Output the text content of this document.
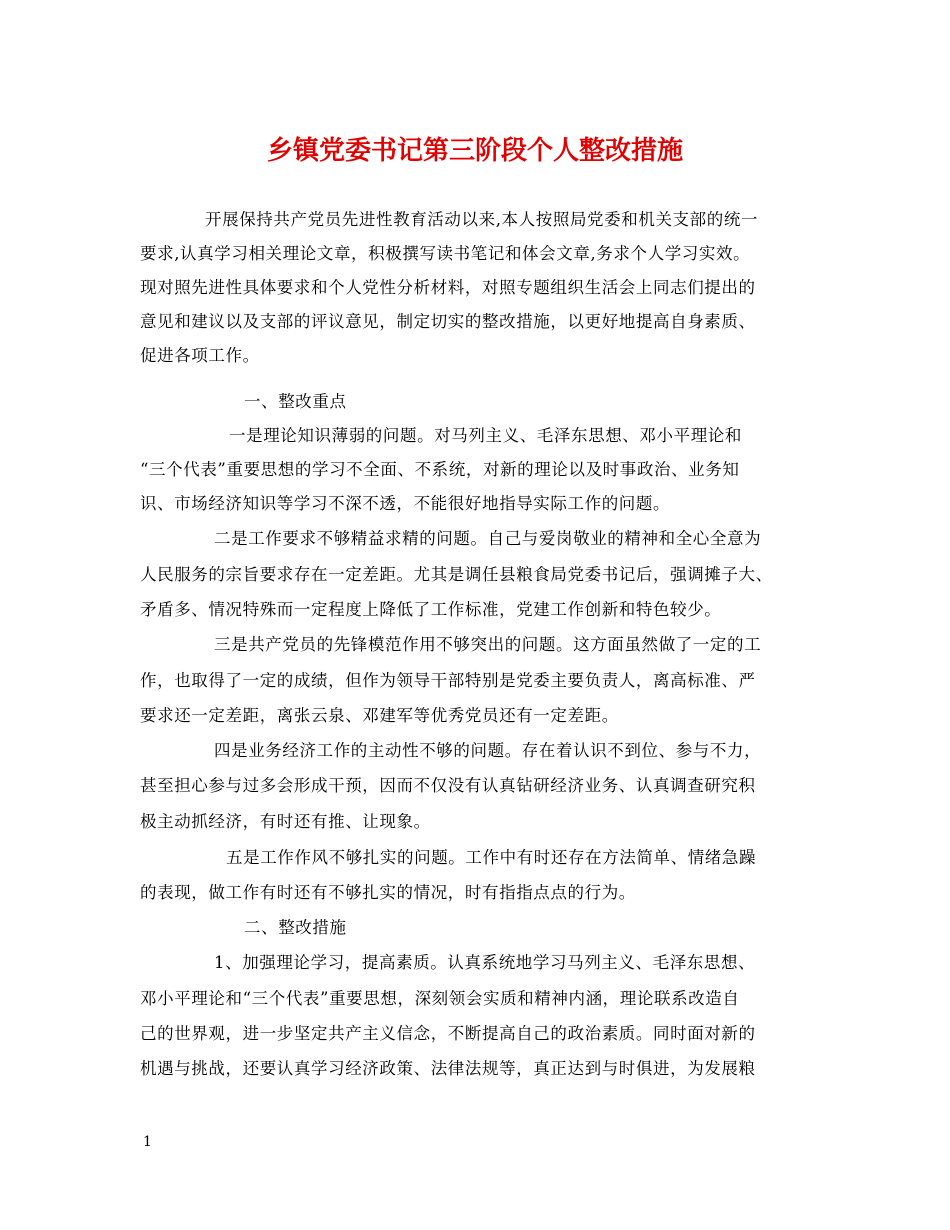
乡镇党委书记第三阶段个人整改措施
开展保持共产党员先进性教育活动以来,本人按照局党委和机关支部的统一
要求,认真学习相关理论文章，积极撰写读书笔记和体会文章,务求个人学习实效。
现对照先进性具体要求和个人党性分析材料，对照专题组织生活会上同志们提出的
意见和建议以及支部的评议意见，制定切实的整改措施，以更好地提高自身素质、
促进各项工作。
一、整改重点
一是理论知识薄弱的问题。对马列主义、毛泽东思想、邓小平理论和
“三个代表”重要思想的学习不全面、不系统，对新的理论以及时事政治、业务知
识、市场经济知识等学习不深不透，不能很好地指导实际工作的问题。
二是工作要求不够精益求精的问题。自己与爱岗敬业的精神和全心全意为
人民服务的宗旨要求存在一定差距。尤其是调任县粮食局党委书记后，强调摊子大、
矛盾多、情况特殊而一定程度上降低了工作标准，党建工作创新和特色较少。
三是共产党员的先锋模范作用不够突出的问题。这方面虽然做了一定的工
作，也取得了一定的成绩，但作为领导干部特别是党委主要负责人，离高标准、严
要求还一定差距，离张云泉、邓建军等优秀党员还有一定差距。
四是业务经济工作的主动性不够的问题。存在着认识不到位、参与不力，
甚至担心参与过多会形成干预，因而不仅没有认真钻研经济业务、认真调查研究积
极主动抓经济，有时还有推、让现象。
五是工作作风不够扎实的问题。工作中有时还存在方法简单、情绪急躁
的表现，做工作有时还有不够扎实的情况，时有指指点点的行为。
二、整改措施
1、加强理论学习，提高素质。认真系统地学习马列主义、毛泽东思想、
邓小平理论和“三个代表”重要思想，深刻领会实质和精神内涵，理论联系改造自
己的世界观，进一步坚定共产主义信念，不断提高自己的政治素质。同时面对新的
机遇与挑战，还要认真学习经济政策、法律法规等，真正达到与时俱进，为发展粮
1
